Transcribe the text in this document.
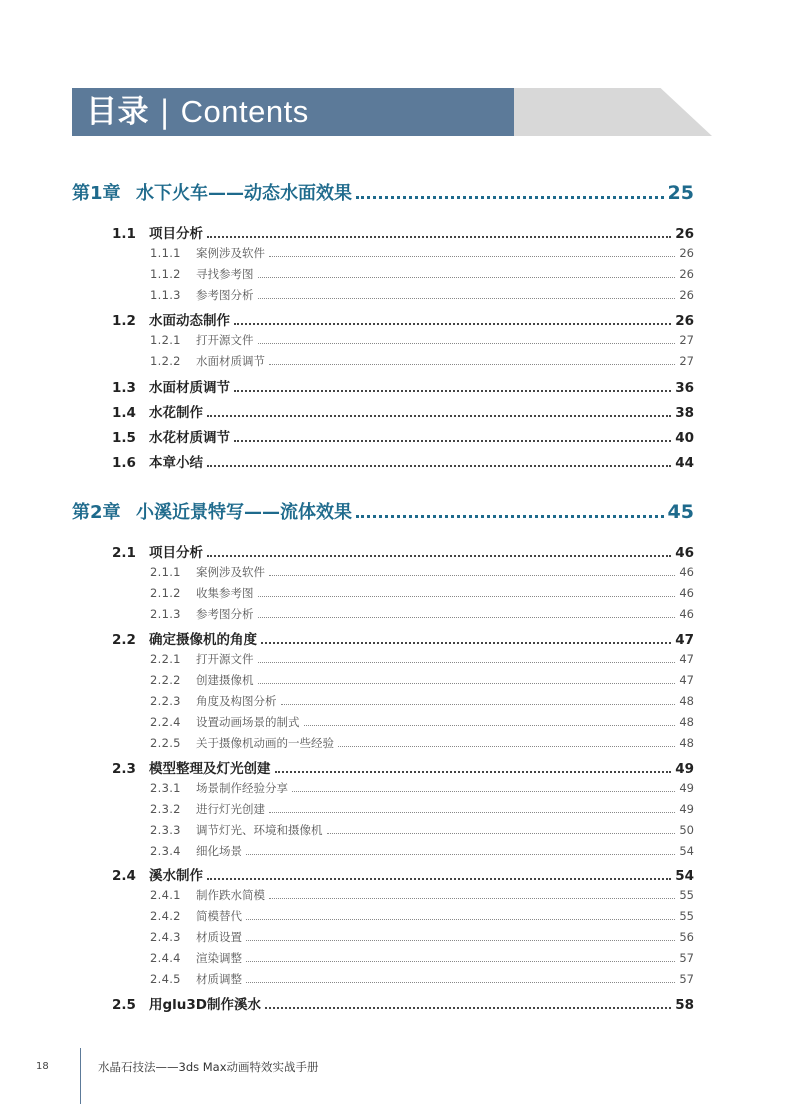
目录 | Contents
第1章 水下火车——动态水面效果	25
1.1 项目分析	26
1.1.1	案例涉及软件	26
1.1.2	寻找参考图	26
1.1.3	参考图分析	26
1.2 水面动态制作	26
1.2.1	打开源文件	27
1.2.2	水面材质调节	27
1.3 水面材质调节	36
1.4 水花制作	38
1.5 水花材质调节	40
1.6 本章小结	44
第2章 小溪近景特写——流体效果	45
2.1 项目分析	46
2.1.1	案例涉及软件	46
2.1.2	收集参考图	46
2.1.3	参考图分析	46
2.2 确定摄像机的角度	47
2.2.1	打开源文件	47
2.2.2	创建摄像机	47
2.2.3	角度及构图分析	48
2.2.4	设置动画场景的制式	48
2.2.5	关于摄像机动画的一些经验	48
2.3 模型整理及灯光创建	49
2.3.1	场景制作经验分享	49
2.3.2	进行灯光创建	49
2.3.3	调节灯光、环境和摄像机	50
2.3.4	细化场景	54
2.4 溪水制作	54
2.4.1	制作跌水简模	55
2.4.2	简模替代	55
2.4.3	材质设置	56
2.4.4	渲染调整	57
2.4.5	材质调整	57
2.5 用glu3D制作溪水	58
18	水晶石技法——3ds Max动画特效实战手册
